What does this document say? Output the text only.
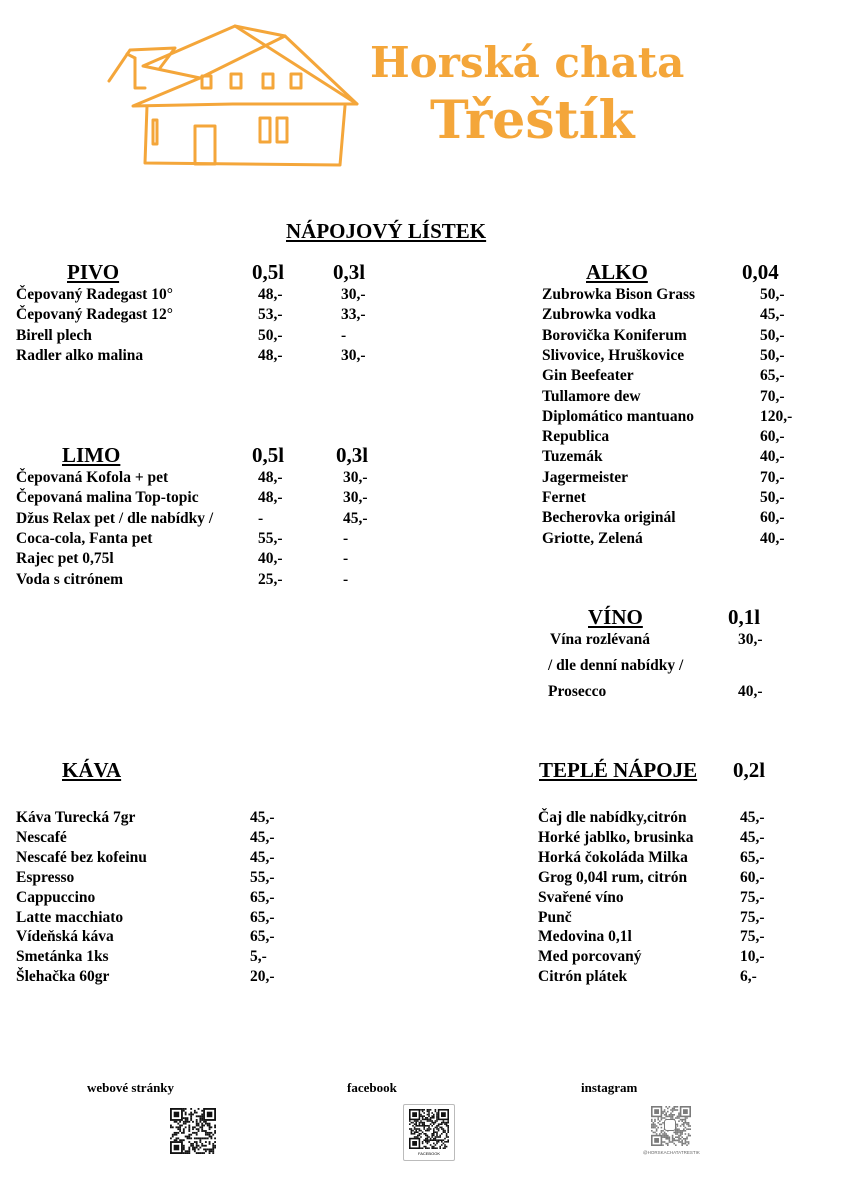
Horská chata
Třeštík
NÁPOJOVÝ LÍSTEK
PIVO	0,5l 0,3l
Čepovaný Radegast 10°	48,-	30,-
Čepovaný Radegast 12°	53,-	33,-
Birell plech	50,-	-
Radler alko malina	48,-	30,-
LIMO	0,5l 0,3l
Čepovaná Kofola + pet	48,-	30,-
Čepovaná malina Top-topic	48,-	30,-
Džus Relax pet / dle nabídky /	-	45,-
Coca-cola, Fanta pet	55,-	-
Rajec pet 0,75l	40,-	-
Voda s citrónem	25,-	-
ALKO	0,04
Zubrowka Bison Grass	50,-
Zubrowka vodka	45,-
Borovička Koniferum	50,-
Slivovice, Hruškovice	50,-
Gin Beefeater	65,-
Tullamore dew	70,-
Diplomático mantuano	120,-
Republica	60,-
Tuzemák	40,-
Jagermeister	70,-
Fernet	50,-
Becherovka originál	60,-
Griotte, Zelená	40,-
VÍNO	0,1l
Vína rozlévaná	30,-
/ dle denní nabídky /
Prosecco	40,-
KÁVA
Káva Turecká 7gr	45,-
Nescafé	45,-
Nescafé bez kofeinu	45,-
Espresso	55,-
Cappuccino	65,-
Latte macchiato	65,-
Vídeňská káva	65,-
Smetánka 1ks	5,-
Šlehačka 60gr	20,-
TEPLÉ NÁPOJE 0,2l
Čaj dle nabídky,citrón	45,-
Horké jablko, brusinka	45,-
Horká čokoláda Milka	65,-
Grog 0,04l rum, citrón	60,-
Svařené víno	75,-
Punč	75,-
Medovina 0,1l	75,-
Med porcovaný	10,-
Citrón plátek	6,-
webové stránky	facebook	instagram
FACEBOOK	@HORSKACHATATRESTIK
